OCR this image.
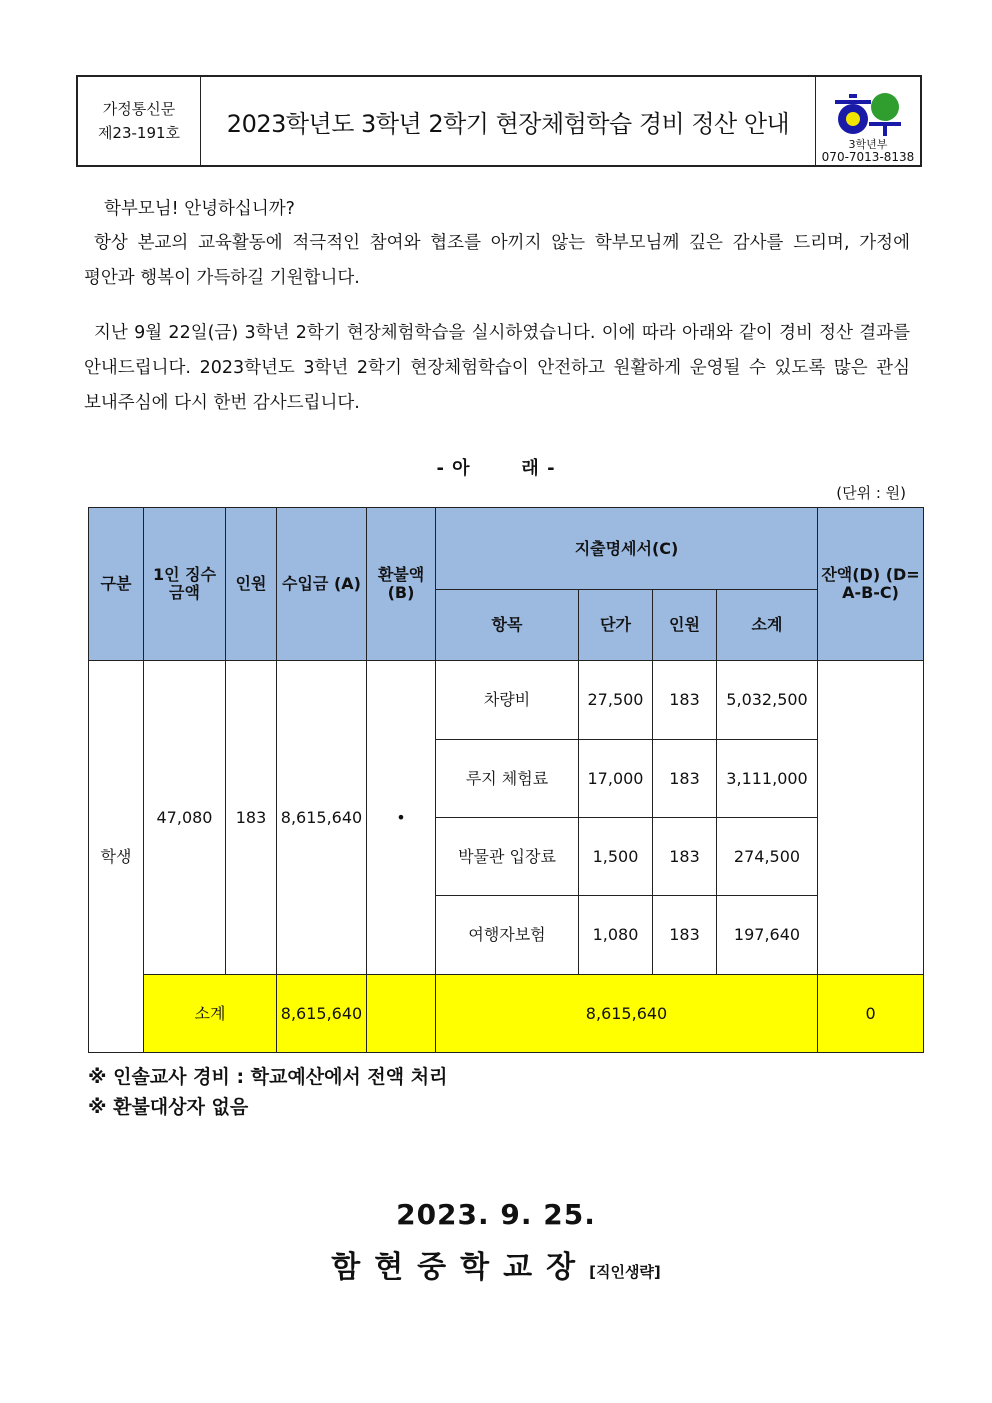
가정통신문
제23-191호	2023학년도 3학년 2학기 현장체험학습 경비 정산 안내
3학년부
070-7013-8138
학부모님! 안녕하십니까?
항상 본교의 교육활동에 적극적인 참여와 협조를 아끼지 않는 학부모님께 깊은 감사를 드리며, 가정에 평안과 행복이 가득하길 기원합니다.
지난 9월 22일(금) 3학년 2학기 현장체험학습을 실시하였습니다. 이에 따라 아래와 같이 경비 정산 결과를 안내드립니다. 2023학년도 3학년 2학기 현장체험학습이 안전하고 원활하게 운영될 수 있도록 많은 관심 보내주심에 다시 한번 감사드립니다.
- 아       래 -
(단위 : 원)
구분	1인 징수금액	인원	수입금 (A)	환불액 (B)	지출명세서(C)				잔액(D) (D=A-B-C)
					항목	단가	인원	소계	
학생	47,080	183	8,615,640	•	차량비	27,500	183	5,032,500	
					루지 체험료	17,000	183	3,111,000	
					박물관 입장료	1,500	183	274,500	
					여행자보험	1,080	183	197,640	
	소계		8,615,640		8,615,640				0
※ 인솔교사 경비 : 학교예산에서 전액 처리
※ 환불대상자 없음
2023. 9. 25.
함현중학교장[직인생략]
